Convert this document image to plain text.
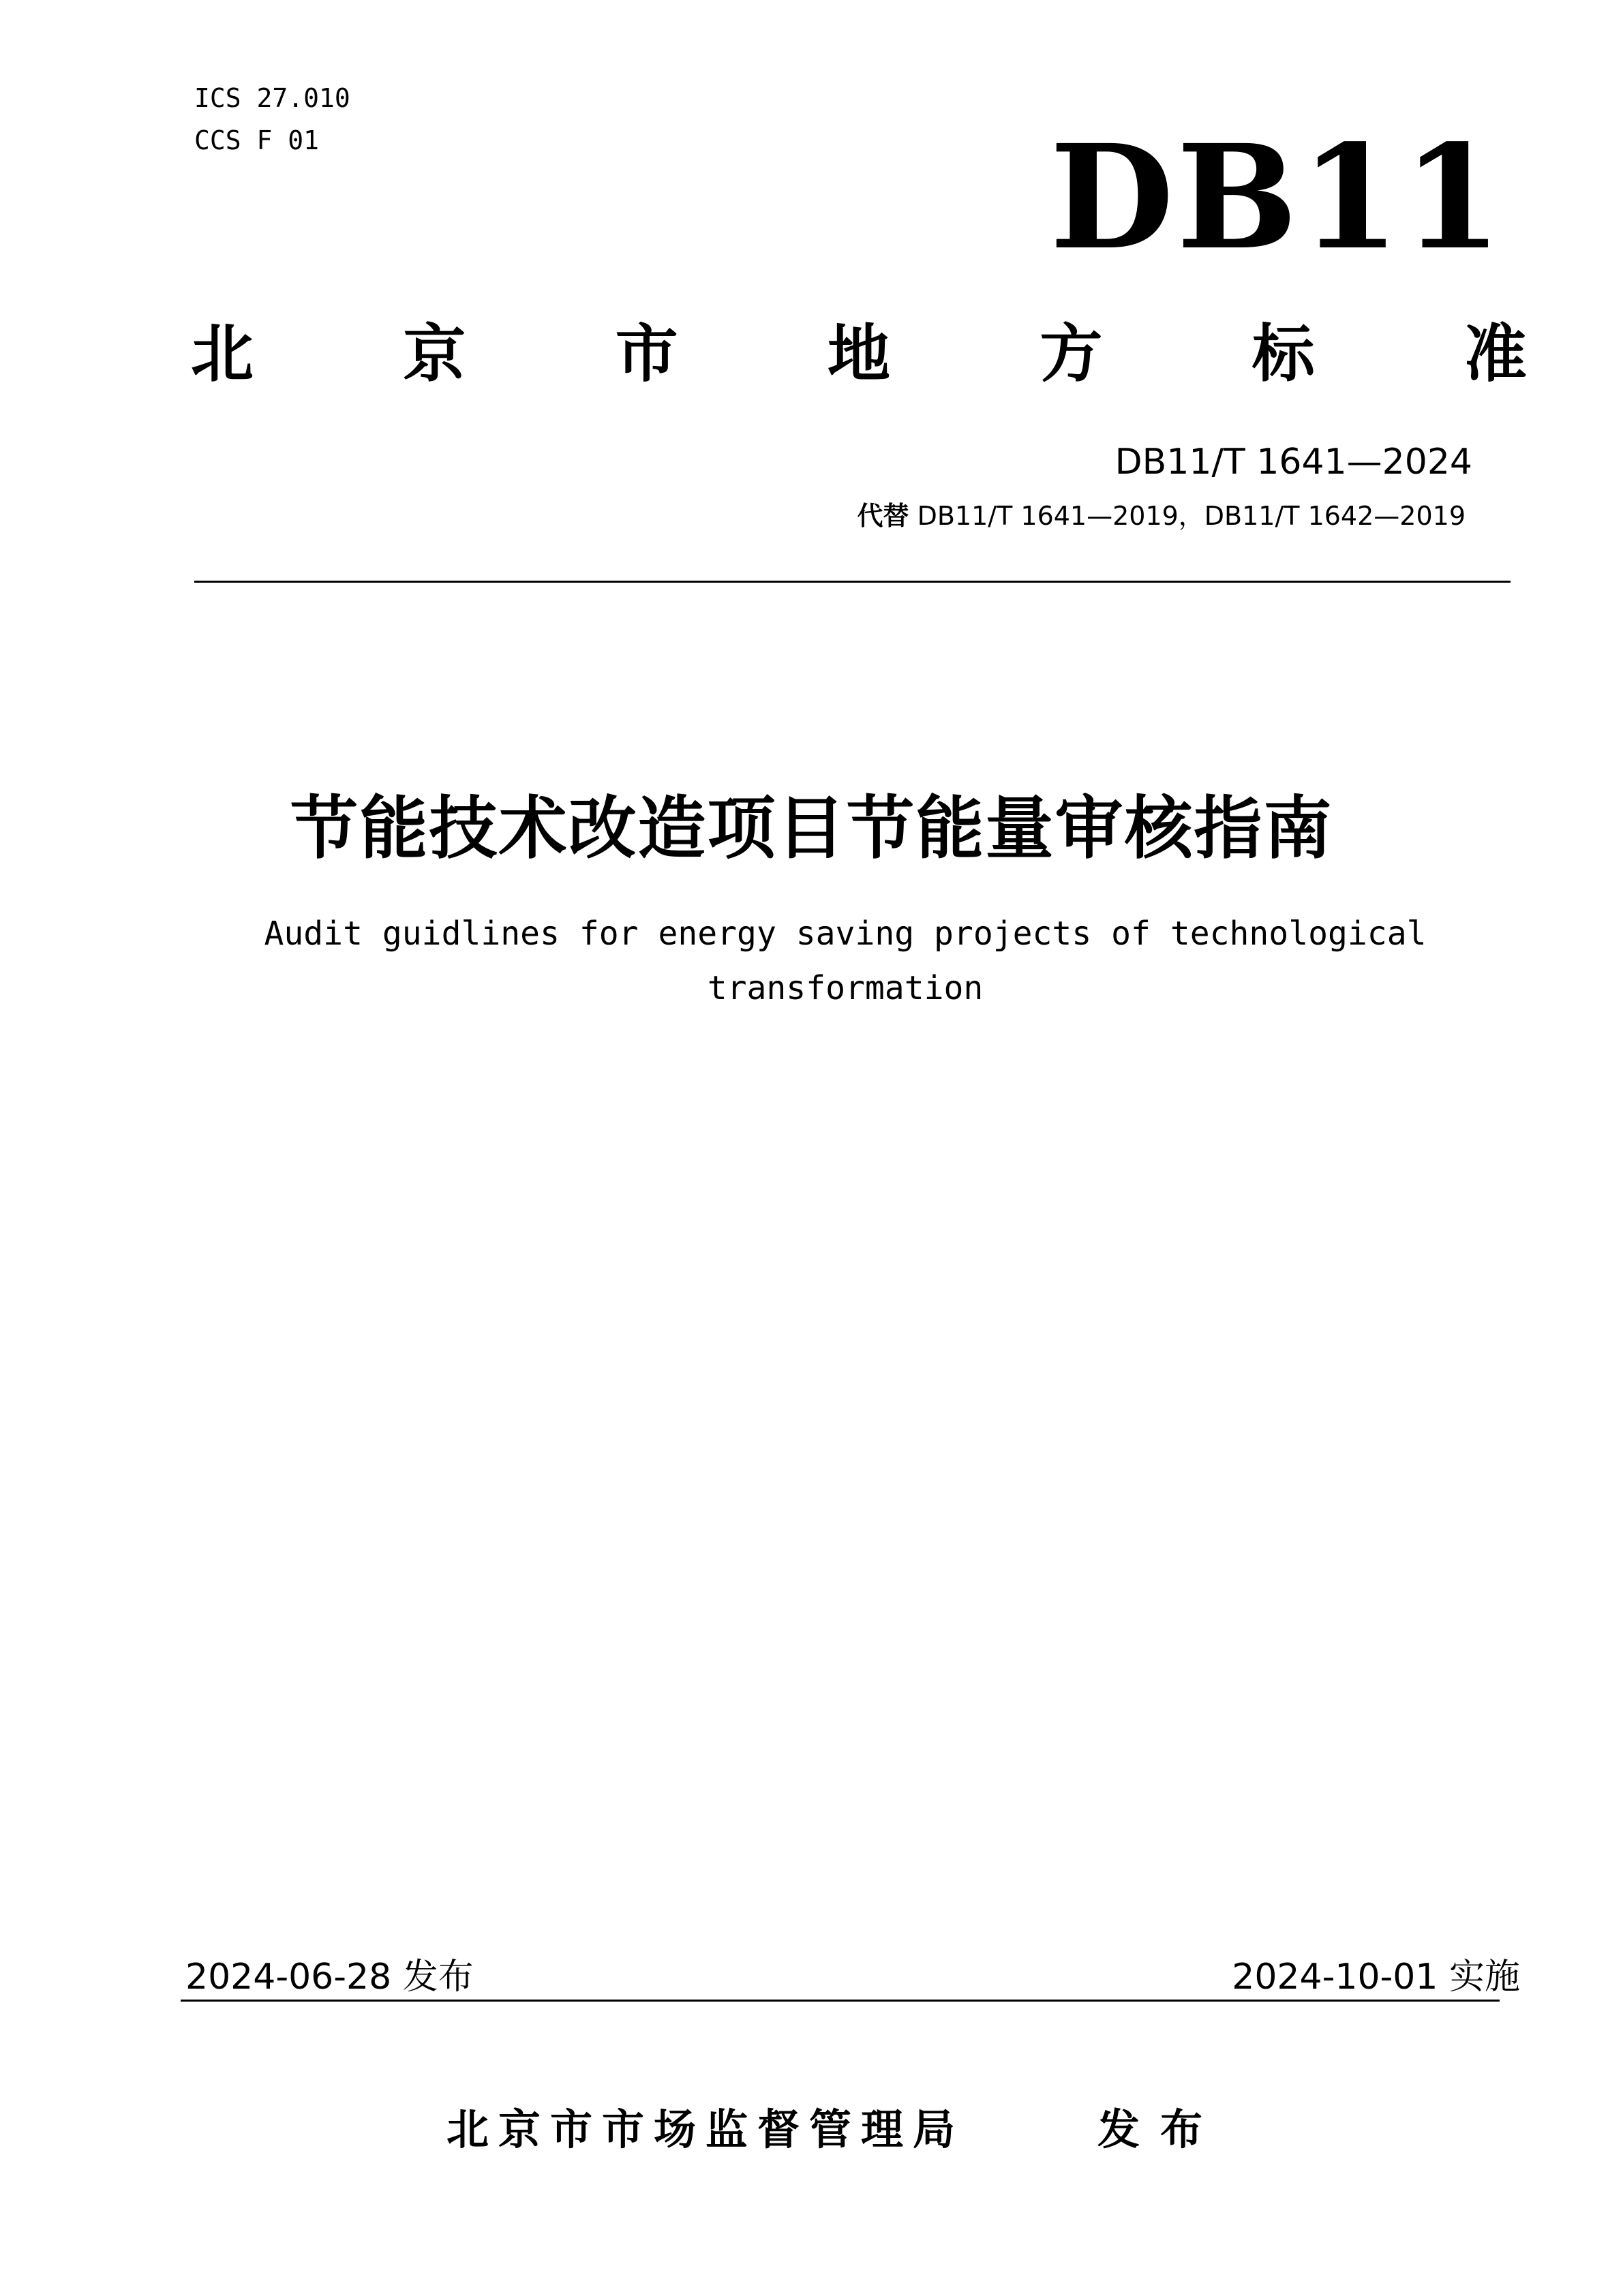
ICS 27.010
CCS F 01	DB11
北 京 市 地 方 标 准
DB11/T 1641—2024
代替 DB11/T 1641—2019，DB11/T 1642—2019
节能技术改造项目节能量审核指南
Audit guidlines for energy saving projects of technological
transformation
2024-06-28 发布	2024-10-01 实施
北京市市场监督管理局	发布
